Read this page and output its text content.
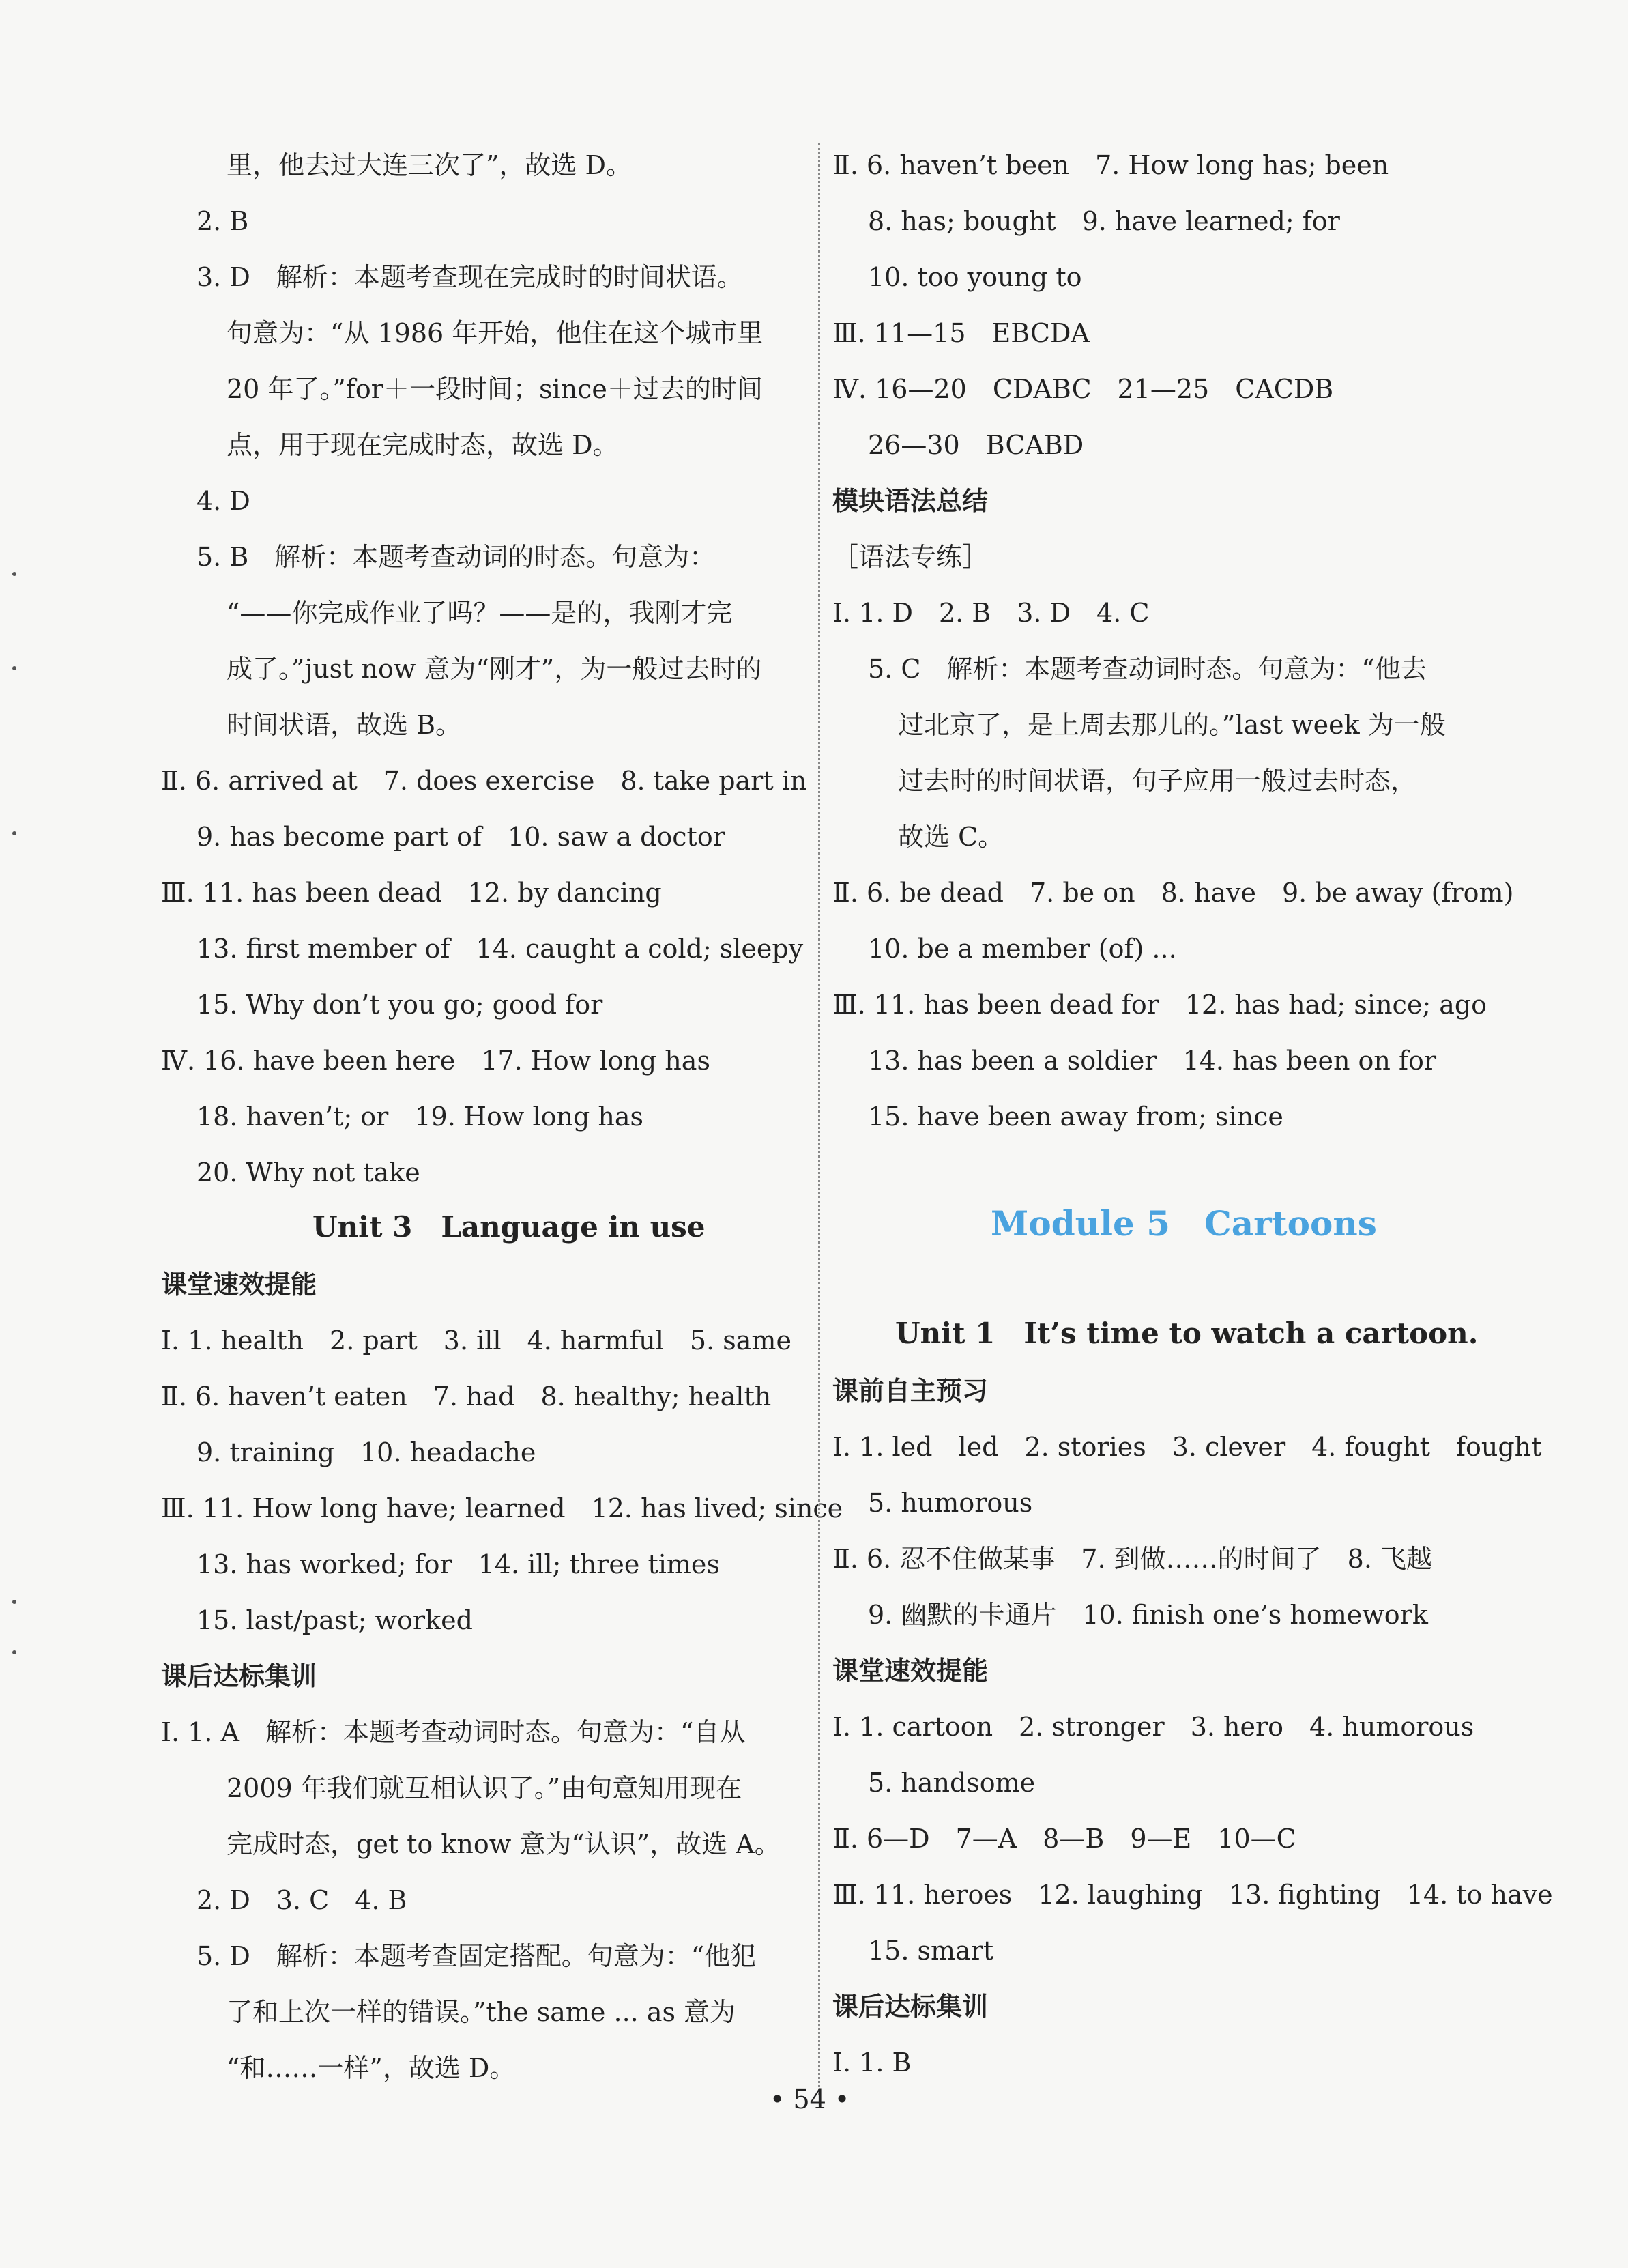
里，他去过大连三次了”，故选 D。
2. B
3. D　解析：本题考查现在完成时的时间状语。
句意为：“从 1986 年开始，他住在这个城市里
20 年了。”for＋一段时间；since＋过去的时间
点，用于现在完成时态，故选 D。
4. D
5. B　解析：本题考查动词的时态。句意为：
“——你完成作业了吗？——是的，我刚才完
成了。”just now 意为“刚才”，为一般过去时的
时间状语，故选 B。
Ⅱ. 6. arrived at　7. does exercise　8. take part in
9. has become part of　10. saw a doctor
Ⅲ. 11. has been dead　12. by dancing
13. first member of　14. caught a cold; sleepy
15. Why don’t you go; good for
Ⅳ. 16. have been here　17. How long has
18. haven’t; or　19. How long has
20. Why not take
Unit 3　Language in use
课堂速效提能
Ⅰ. 1. health　2. part　3. ill　4. harmful　5. same
Ⅱ. 6. haven’t eaten　7. had　8. healthy; health
9. training　10. headache
Ⅲ. 11. How long have; learned　12. has lived; since
13. has worked; for　14. ill; three times
15. last/past; worked
课后达标集训
Ⅰ. 1. A　解析：本题考查动词时态。句意为：“自从
2009 年我们就互相认识了。”由句意知用现在
完成时态，get to know 意为“认识”，故选 A。
2. D　3. C　4. B
5. D　解析：本题考查固定搭配。句意为：“他犯
了和上次一样的错误。”the same ... as 意为
“和……一样”，故选 D。
Ⅱ. 6. haven’t been　7. How long has; been
8. has; bought　9. have learned; for
10. too young to
Ⅲ. 11—15　EBCDA
Ⅳ. 16—20　CDABC　21—25　CACDB
26—30　BCABD
模块语法总结
［语法专练］
Ⅰ. 1. D　2. B　3. D　4. C
5. C　解析：本题考查动词时态。句意为：“他去
过北京了，是上周去那儿的。”last week 为一般
过去时的时间状语，句子应用一般过去时态，
故选 C。
Ⅱ. 6. be dead　7. be on　8. have　9. be away (from)
10. be a member (of) ...
Ⅲ. 11. has been dead for　12. has had; since; ago
13. has been a soldier　14. has been on for
15. have been away from; since
Module 5　Cartoons
Unit 1　It’s time to watch a cartoon.
课前自主预习
Ⅰ. 1. led　led　2. stories　3. clever　4. fought　fought
5. humorous
Ⅱ. 6. 忍不住做某事　7. 到做……的时间了　8. 飞越
9. 幽默的卡通片　10. finish one’s homework
课堂速效提能
Ⅰ. 1. cartoon　2. stronger　3. hero　4. humorous
5. handsome
Ⅱ. 6—D　7—A　8—B　9—E　10—C
Ⅲ. 11. heroes　12. laughing　13. fighting　14. to have
15. smart
课后达标集训
Ⅰ. 1. B
• 54 •
